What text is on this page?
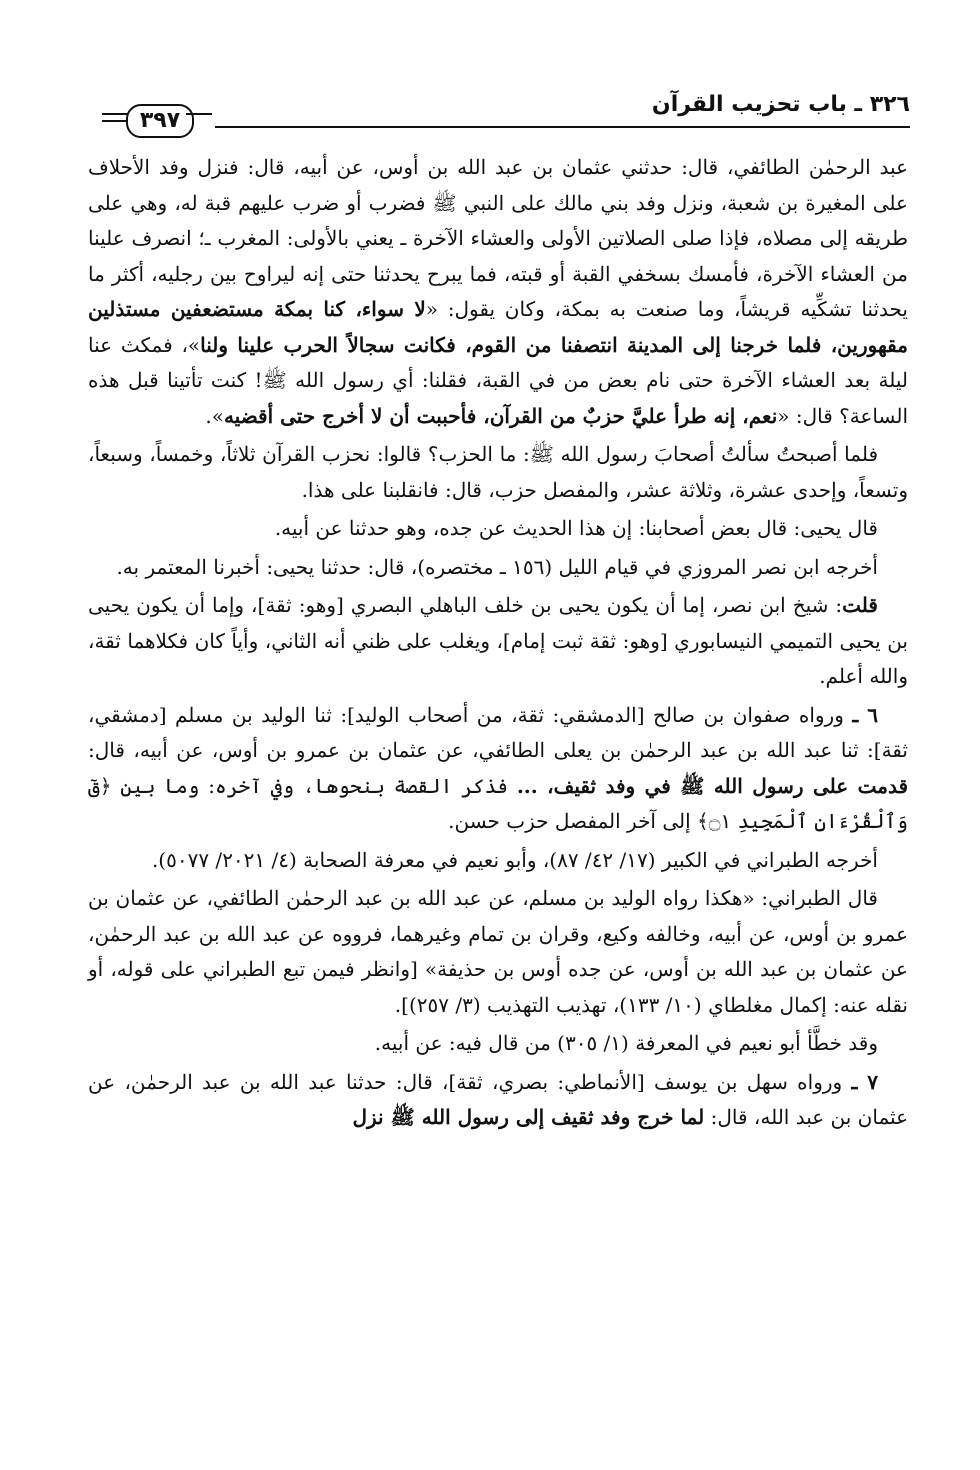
٣٢٦ ـ باب تحزيب القرآن
٣٩٧

عبد الرحمٰن الطائفي، قال: حدثني عثمان بن عبد الله بن أوس، عن أبيه، قال: فنزل وفد الأحلاف على المغيرة بن شعبة، ونزل وفد بني مالك على النبي ﷺ فضرب أو ضرب عليهم قبة له، وهي على طريقه إلى مصلاه، فإذا صلى الصلاتين الأولى والعشاء الآخرة ـ يعني بالأولى: المغرب ـ؛ انصرف علينا من العشاء الآخرة، فأمسك بسخفي القبة أو قبته، فما يبرح يحدثنا حتى إنه ليراوح بين رجليه، أكثر ما يحدثنا تشكِّيه قريشاً، وما صنعت به بمكة، وكان يقول: «لا سواء، كنا بمكة مستضعفين مستذلين مقهورين، فلما خرجنا إلى المدينة انتصفنا من القوم، فكانت سجالاً الحرب علينا ولنا»، فمكث عنا ليلة بعد العشاء الآخرة حتى نام بعض من في القبة، فقلنا: أي رسول الله ﷺ! كنت تأتينا قبل هذه الساعة؟ قال: «نعم، إنه طرأ عليَّ حزبٌ من القرآن، فأحببت أن لا أخرج حتى أقضيه».

فلما أصبحتُ سألتُ أصحابَ رسول الله ﷺ: ما الحزب؟ قالوا: نحزب القرآن ثلاثاً، وخمساً، وسبعاً، وتسعاً، وإحدى عشرة، وثلاثة عشر، والمفصل حزب، قال: فانقلبنا على هذا.

قال يحيى: قال بعض أصحابنا: إن هذا الحديث عن جده، وهو حدثنا عن أبيه.

أخرجه ابن نصر المروزي في قيام الليل (١٥٦ ـ مختصره)، قال: حدثنا يحيى: أخبرنا المعتمر به.

قلت: شيخ ابن نصر، إما أن يكون يحيى بن خلف الباهلي البصري [وهو: ثقة]، وإما أن يكون يحيى بن يحيى التميمي النيسابوري [وهو: ثقة ثبت إمام]، ويغلب على ظني أنه الثاني، وأياً كان فكلاهما ثقة، والله أعلم.

٦ ـ ورواه صفوان بن صالح [الدمشقي: ثقة، من أصحاب الوليد]: ثنا الوليد بن مسلم [دمشقي، ثقة]: ثنا عبد الله بن عبد الرحمٰن بن يعلى الطائفي، عن عثمان بن عمرو بن أوس، عن أبيه، قال: قدمت على رسول الله ﷺ في وفد ثقيف، ... فذكر القصة بنحوها، وفي آخره: وما بين ﴿قٓ وَٱلْقُرْءَانِ ٱلْمَجِيدِ ۝١﴾ إلى آخر المفصل حزب حسن.

أخرجه الطبراني في الكبير (١٧/ ٤٢/ ٨٧)، وأبو نعيم في معرفة الصحابة (٤/ ٢٠٢١/ ٥٠٧٧).

قال الطبراني: «هكذا رواه الوليد بن مسلم، عن عبد الله بن عبد الرحمٰن الطائفي، عن عثمان بن عمرو بن أوس، عن أبيه، وخالفه وكيع، وقران بن تمام وغيرهما، فرووه عن عبد الله بن عبد الرحمٰن، عن عثمان بن عبد الله بن أوس، عن جده أوس بن حذيفة» [وانظر فيمن تبع الطبراني على قوله، أو نقله عنه: إكمال مغلطاي (١٠/ ١٣٣)، تهذيب التهذيب (٣/ ٢٥٧)].

وقد خطَّأ أبو نعيم في المعرفة (١/ ٣٠٥) من قال فيه: عن أبيه.

٧ ـ ورواه سهل بن يوسف [الأنماطي: بصري، ثقة]، قال: حدثنا عبد الله بن عبد الرحمٰن، عن عثمان بن عبد الله، قال: لما خرج وفد ثقيف إلى رسول الله ﷺ نزل
